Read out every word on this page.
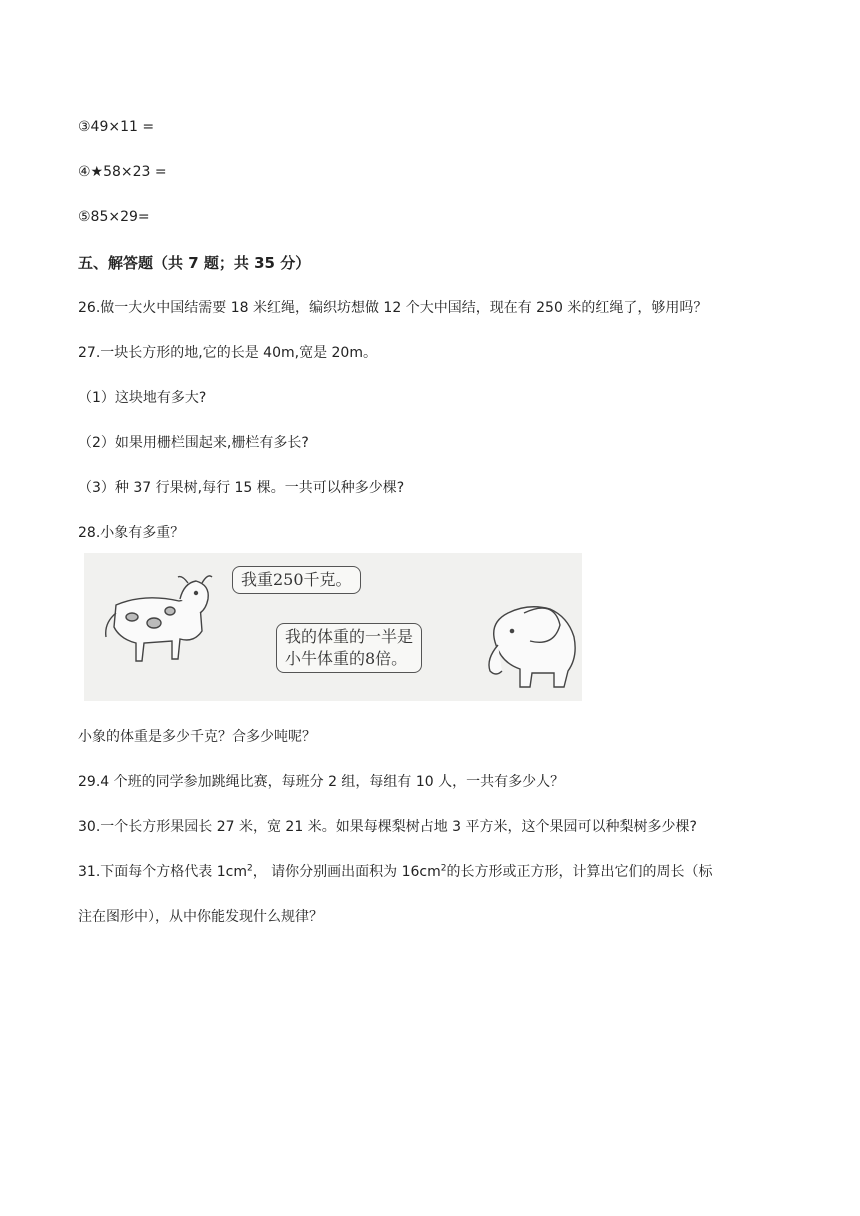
③49×11 =
④★58×23 =
⑤85×29=
五、解答题（共 7 题；共 35 分）
26.做一大火中国结需要 18 米红绳，编织坊想做 12 个大中国结，现在有 250 米的红绳了，够用吗？
27.一块长方形的地,它的长是 40m,宽是 20m。
（1）这块地有多大?
（2）如果用栅栏围起来,栅栏有多长?
（3）种 37 行果树,每行 15 棵。一共可以种多少棵?
28.小象有多重？
我重250千克。
我的体重的一半是
小牛体重的8倍。
小象的体重是多少千克？合多少吨呢？
29.4 个班的同学参加跳绳比赛，每班分 2 组，每组有 10 人，一共有多少人？
30.一个长方形果园长 27 米，宽 21 米。如果每棵梨树占地 3 平方米，这个果园可以种梨树多少棵?
31.下面每个方格代表 $1cm^2$， 请你分别画出面积为 $16cm^2$的长方形或正方形，计算出它们的周长（标
注在图形中），从中你能发现什么规律？
